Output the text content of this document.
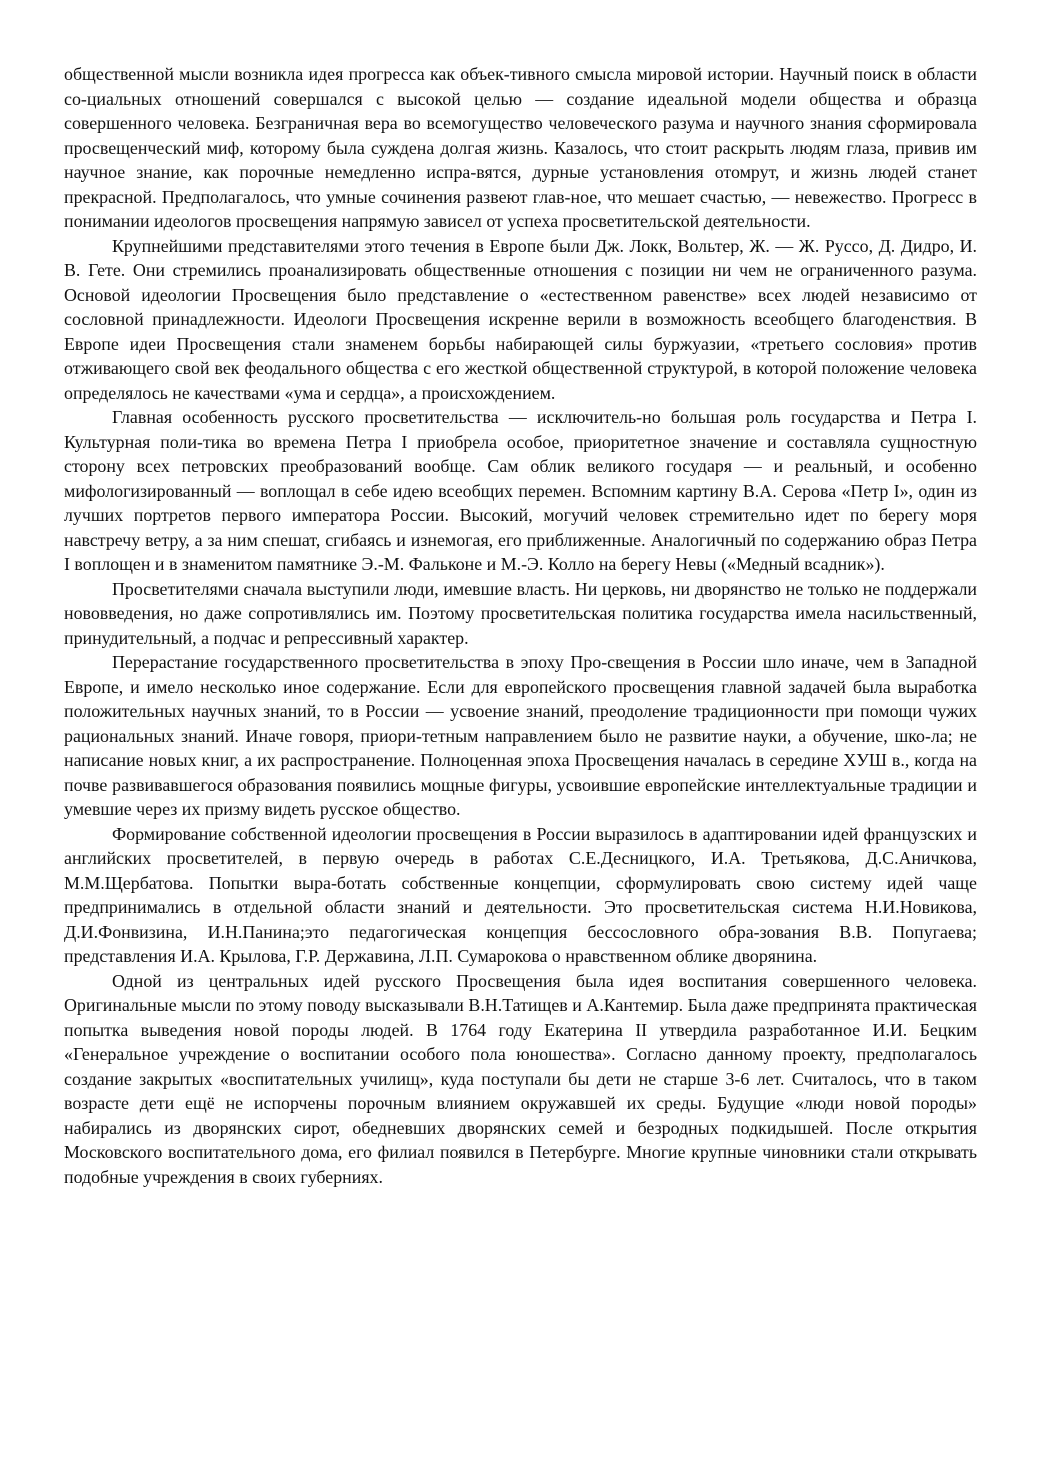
общественной мысли возникла идея прогресса как объек-тивного смысла мировой истории. Научный поиск в области со-циальных отношений совершался с высокой целью — создание идеальной модели общества и образца совершенного человека. Безграничная вера во всемогущество человеческого разума и научного знания сформировала просвещенческий миф, которому была суждена долгая жизнь. Казалось, что стоит раскрыть людям глаза, привив им научное знание, как порочные немедленно испра-вятся, дурные установления отомрут, и жизнь людей станет прекрасной. Предполагалось, что умные сочинения развеют глав-ное, что мешает счастью, — невежество. Прогресс в понимании идеологов просвещения напрямую зависел от успеха просветительской деятельности.

Крупнейшими представителями этого течения в Европе были Дж. Локк, Вольтер, Ж. — Ж. Руссо, Д. Дидро, И. В. Гете. Они стремились проанализировать общественные отношения с позиции ни чем не ограниченного разума. Основой идеологии Просвещения было представление о «естественном равенстве» всех людей независимо от сословной принадлежности. Идеологи Просвещения искренне верили в возможность всеобщего благоденствия. В Европе идеи Просвещения стали знаменем борьбы набирающей силы буржуазии, «третьего сословия» против отживающего свой век феодального общества с его жесткой общественной структурой, в которой положение человека определялось не качествами «ума и сердца», а происхождением.

Главная особенность русского просветительства — исключитель-но большая роль государства и Петра I. Культурная поли-тика во времена Петра I приобрела особое, приоритетное значение и составляла сущностную сторону всех петровских преобразований вообще. Сам облик великого государя — и реальный, и особенно мифологизированный — воплощал в себе идею всеобщих перемен. Вспомним картину В.А. Серова «Петр I», один из лучших портретов первого императора России. Высокий, могучий человек стремительно идет по берегу моря навстречу ветру, а за ним спешат, сгибаясь и изнемогая, его приближенные. Аналогичный по содержанию образ Петра I воплощен и в знаменитом памятнике Э.-М. Фальконе и М.-Э. Колло на берегу Невы («Медный всадник»).

Просветителями сначала выступили люди, имевшие власть. Ни церковь, ни дворянство не только не поддержали нововведения, но даже сопротивлялись им. Поэтому просветительская политика государства имела насильственный, принудительный, а подчас и репрессивный характер.

Перерастание государственного просветительства в эпоху Про-свещения в России шло иначе, чем в Западной Европе, и имело несколько иное содержание. Если для европейского просвещения главной задачей была выработка положительных научных знаний, то в России — усвоение знаний, преодоление традиционности при помощи чужих рациональных знаний. Иначе говоря, приори-тетным направлением было не развитие науки, а обучение, шко-ла; не написание новых книг, а их распространение. Полноценная эпоха Просвещения началась в середине ХУШ в., когда на почве развивавшегося образования появились мощные фигуры, усвоившие европейские интеллектуальные традиции и умевшие через их призму видеть русское общество.

Формирование собственной идеологии просвещения в России выразилось в адаптировании идей французских и английских просветителей, в первую очередь в работах С.Е.Десницкого, И.А. Третьякова, Д.С.Аничкова, М.М.Щербатова. Попытки выра-ботать собственные концепции, сформулировать свою систему идей чаще предпринимались в отдельной области знаний и деятельности. Это просветительская система Н.И.Новикова, Д.И.Фонвизина, И.Н.Панина;это педагогическая концепция бессословного обра-зования В.В. Попугаева; представления И.А. Крылова, Г.Р. Державина, Л.П. Сумарокова о нравственном облике дворянина.

Одной из центральных идей русского Просвещения была идея воспитания совершенного человека. Оригинальные мысли по этому поводу высказывали В.Н.Татищев и А.Кантемир. Была даже предпринята практическая попытка выведения новой породы людей. В 1764 году Екатерина II утвердила разработанное И.И. Бецким «Генеральное учреждение о воспитании особого пола юношества». Согласно данному проекту, предполагалось создание закрытых «воспитательных училищ», куда поступали бы дети не старше 3-6 лет. Считалось, что в таком возрасте дети ещё не испорчены порочным влиянием окружавшей их среды. Будущие «люди новой породы» набирались из дворянских сирот, обедневших дворянских семей и безродных подкидышей. После открытия Московского воспитательного дома, его филиал появился в Петербурге. Многие крупные чиновники стали открывать подобные учреждения в своих губерниях.
